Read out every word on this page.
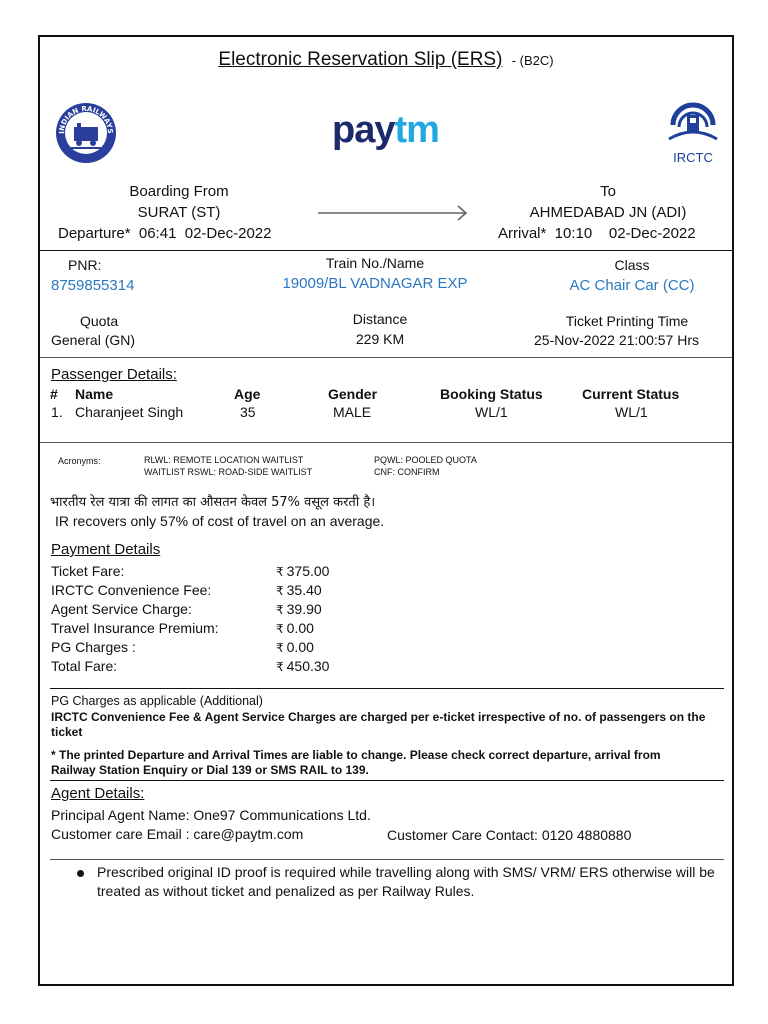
Electronic Reservation Slip (ERS) - (B2C)
INDIAN RAILWAYS	paytm
IRCTC
Boarding From
SURAT (ST)
Departure*  06:41  02-Dec-2022
To
AHMEDABAD JN (ADI)
Arrival*  10:10    02-Dec-2022
PNR:
8759855314
Train No./Name
19009/BL VADNAGAR EXP
Class
AC Chair Car (CC)
Quota
General (GN)
Distance
229 KM
Ticket Printing Time
25-Nov-2022 21:00:57 Hrs
Passenger Details:
# Name	Age	Gender	Booking Status	Current Status
1. Charanjeet Singh	35	MALE	WL/1	WL/1
Acronyms:	RLWL: REMOTE LOCATION WAITLIST
WAITLIST RSWL: ROAD-SIDE WAITLIST
PQWL: POOLED QUOTA
CNF: CONFIRM
भारतीय रेल यात्रा की लागत का औसतन केवल 57% वसूल करती है।
IR recovers only 57% of cost of travel on an average.
Payment Details
Ticket Fare:	₹ 375.00
IRCTC Convenience Fee:	₹ 35.40
Agent Service Charge:	₹ 39.90
Travel Insurance Premium:	₹ 0.00
PG Charges :	₹ 0.00
Total Fare:	₹ 450.30
PG Charges as applicable (Additional)
IRCTC Convenience Fee & Agent Service Charges are charged per e-ticket irrespective of no. of passengers on the
ticket
* The printed Departure and Arrival Times are liable to change. Please check correct departure, arrival from
Railway Station Enquiry or Dial 139 or SMS RAIL to 139.
Agent Details:
Principal Agent Name: One97 Communications Ltd.
Customer care Email : care@paytm.com	Customer Care Contact: 0120 4880880
Prescribed original ID proof is required while travelling along with SMS/ VRM/ ERS otherwise will be
treated as without ticket and penalized as per Railway Rules.
